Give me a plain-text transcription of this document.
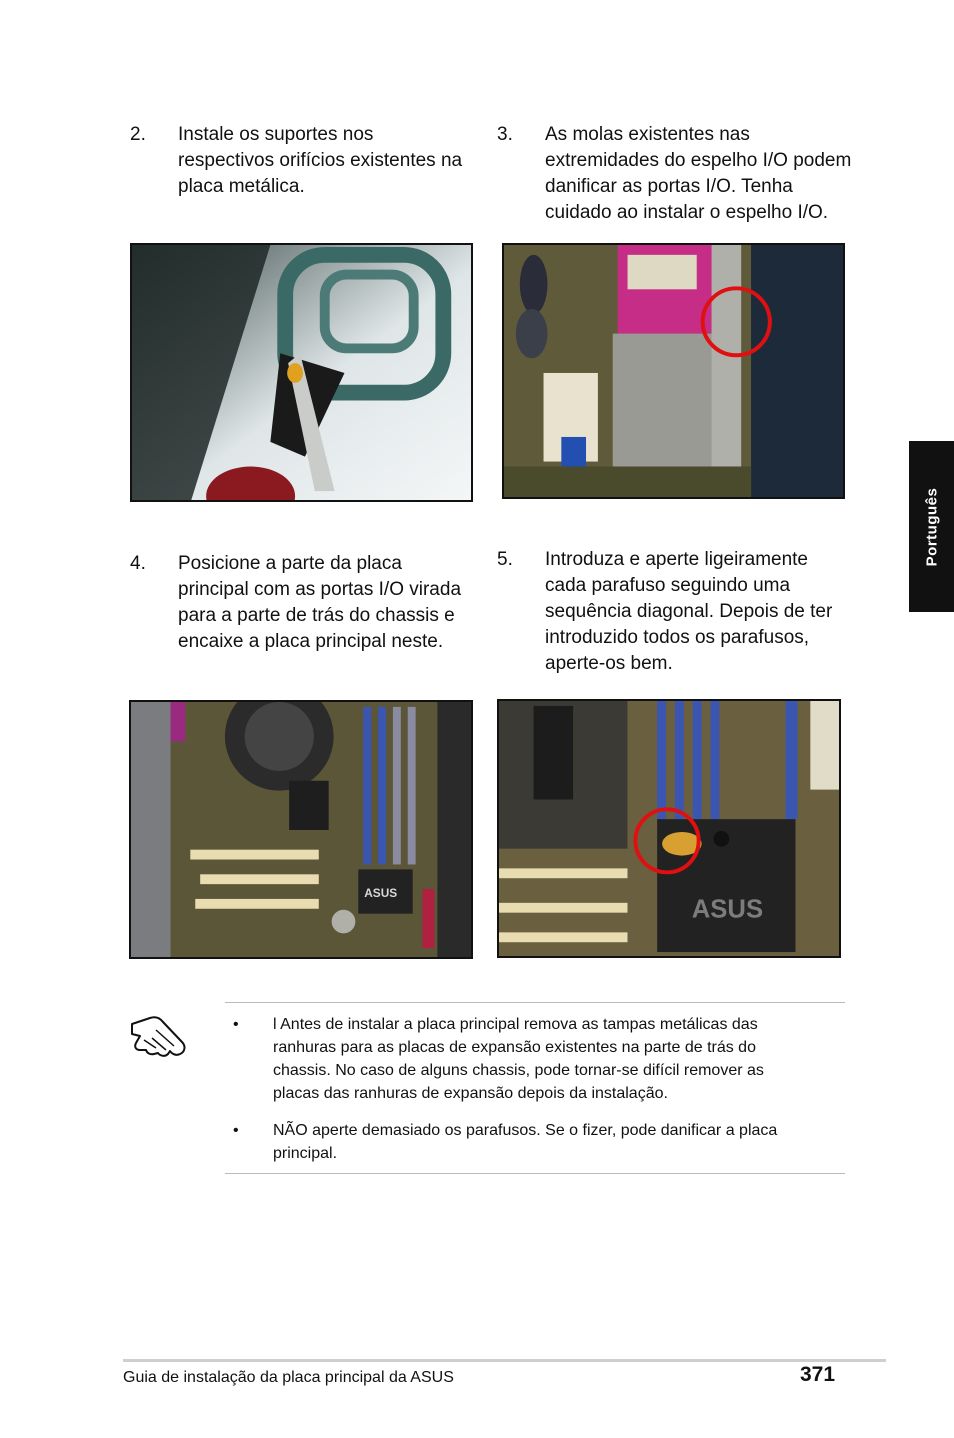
2. Instale os suportes nos
respectivos orifícios existentes na
placa metálica.
3. As molas existentes nas
extremidades do espelho I/O podem
danificar as portas I/O. Tenha
cuidado ao instalar o espelho I/O.
4. Posicione a parte da placa
principal com as portas I/O virada
para a parte de trás do chassis e
encaixe a placa principal neste.
5. Introduza e aperte ligeiramente
cada parafuso seguindo uma
sequência diagonal. Depois de ter
introduzido todos os parafusos,
aperte-os bem.
ASUS
ASUS
Português
• l Antes de instalar a placa principal remova as tampas metálicas das
ranhuras para as placas de expansão existentes na parte de trás do
chassis. No caso de alguns chassis, pode tornar-se difícil remover as
placas das ranhuras de expansão depois da instalação.
• NÃO aperte demasiado os parafusos. Se o fizer, pode danificar a placa
principal.
Guia de instalação da placa principal da ASUS	371
